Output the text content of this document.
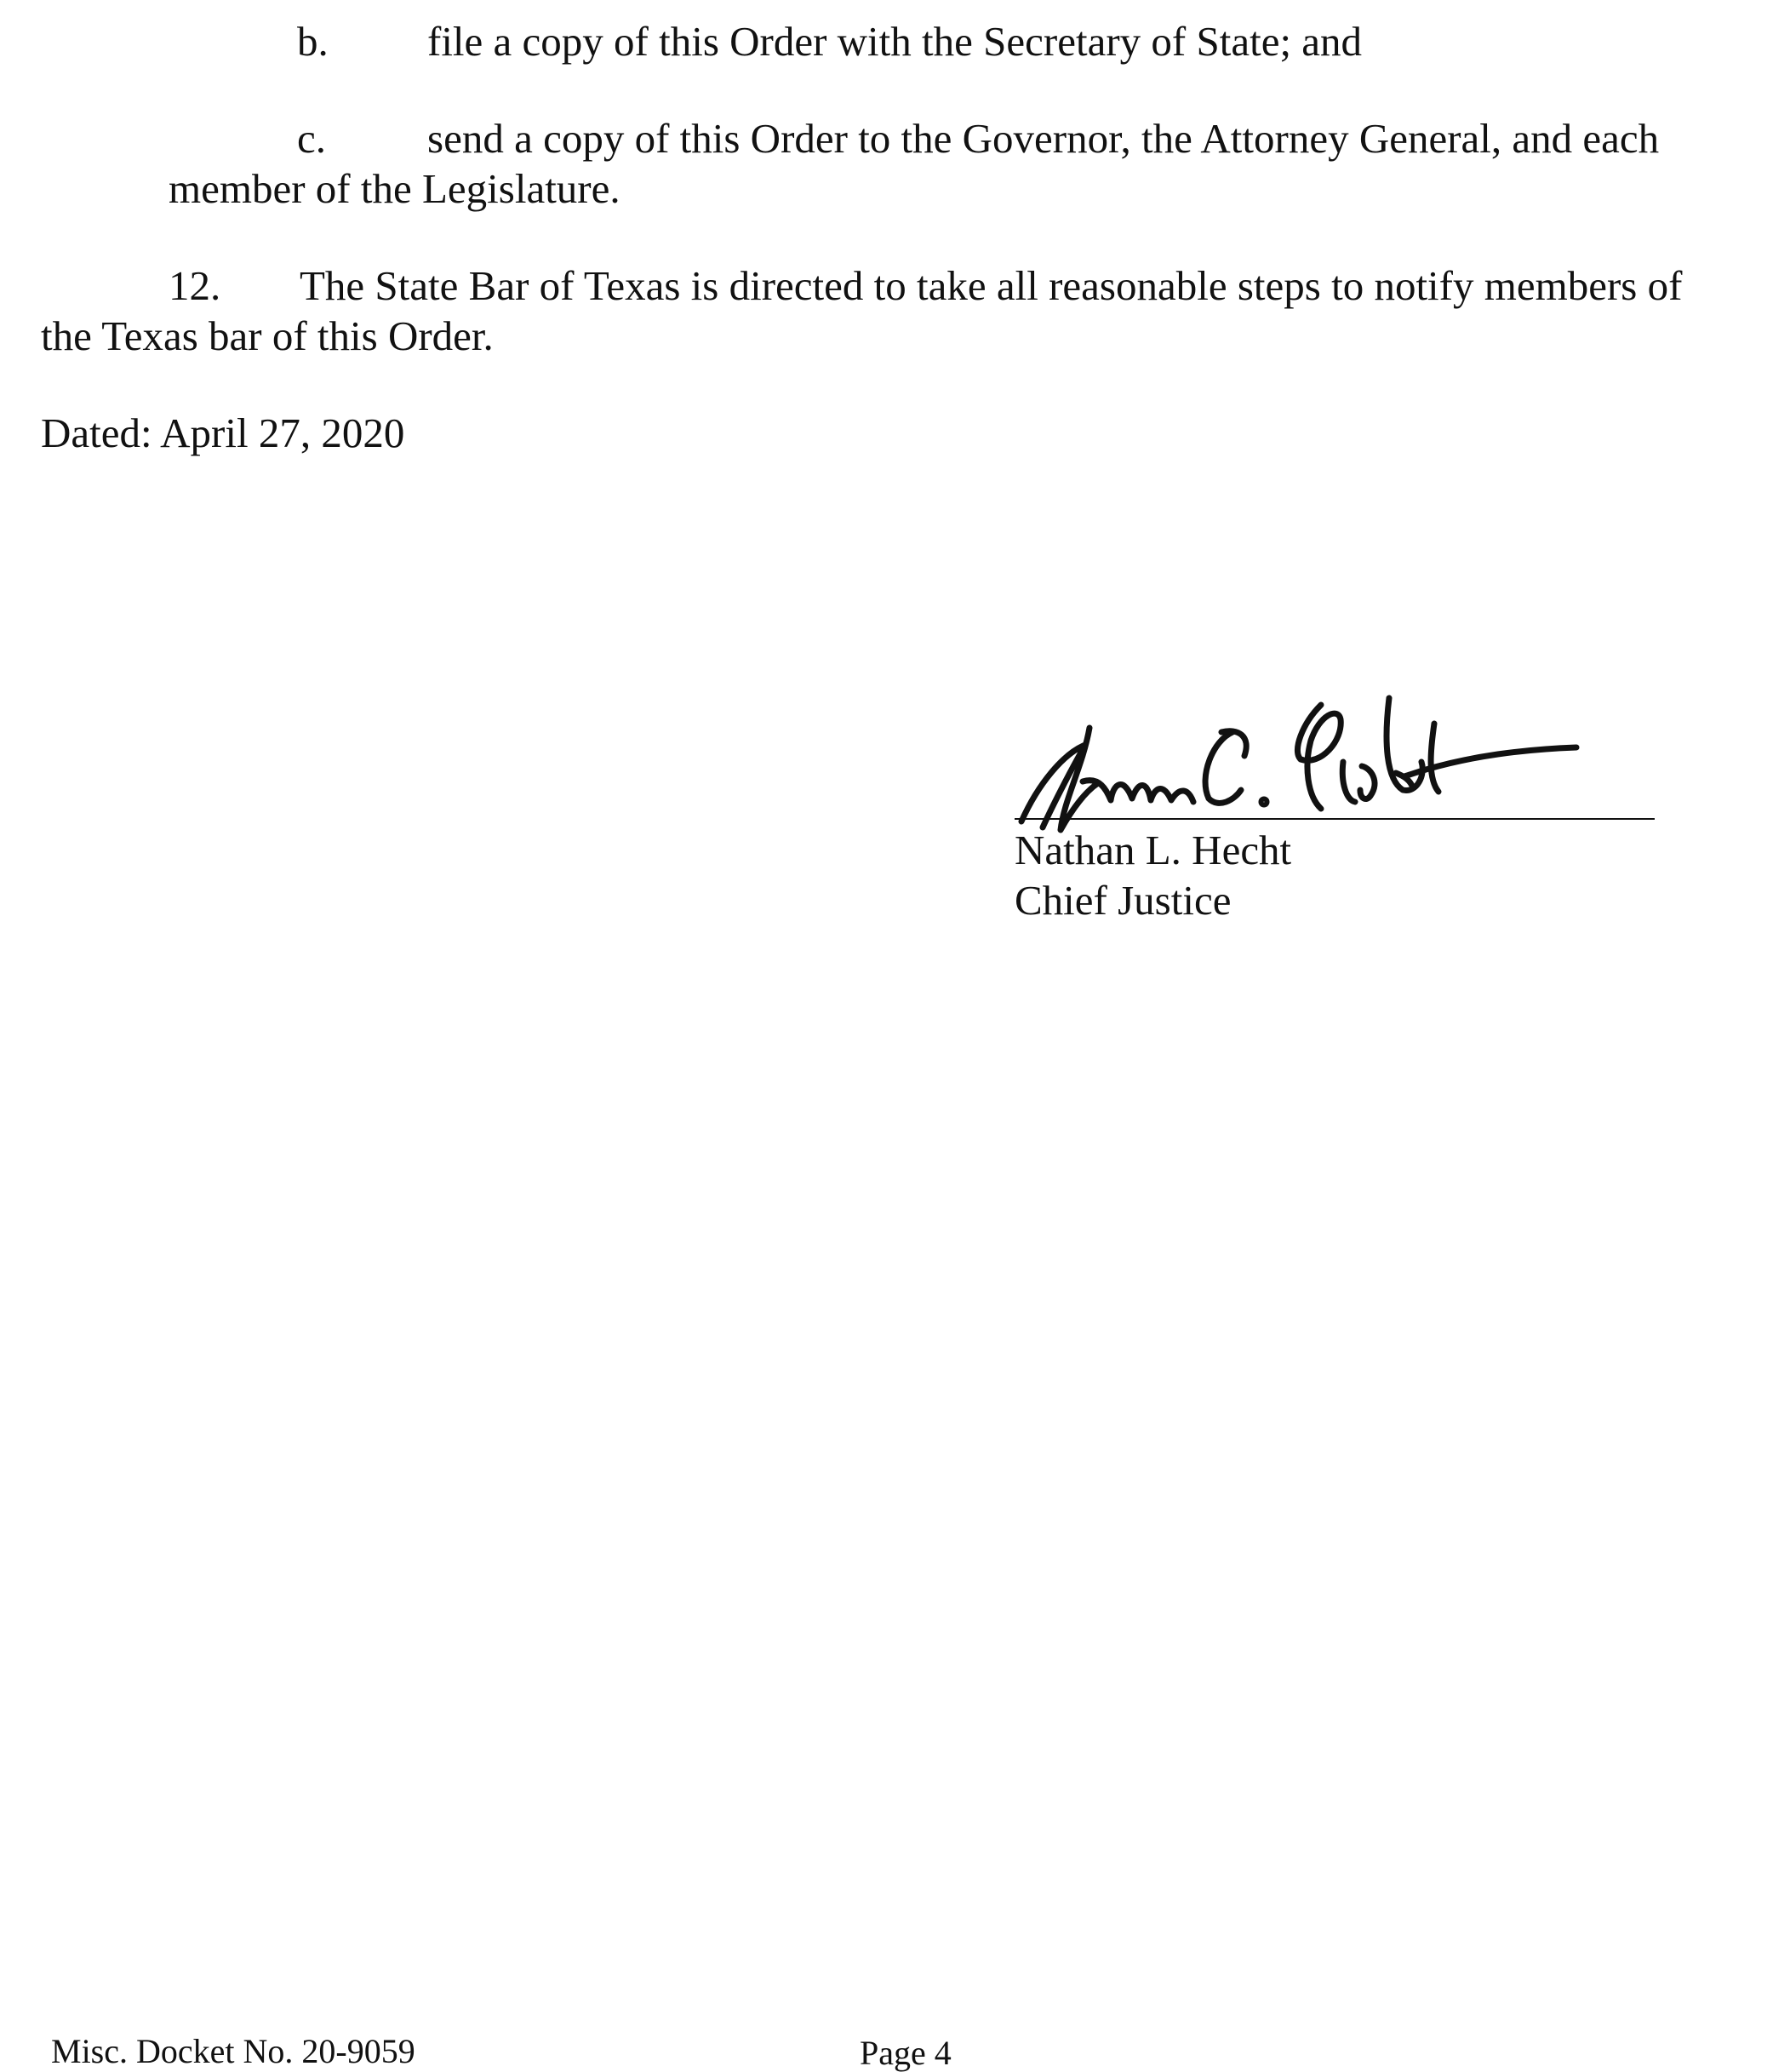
b. file a copy of this Order with the Secretary of State; and
c. send a copy of this Order to the Governor, the Attorney General, and each
member of the Legislature.
12. The State Bar of Texas is directed to take all reasonable steps to notify members of
the Texas bar of this Order.
Dated: April 27, 2020
Nathan L. Hecht
Chief Justice
Misc. Docket No. 20-9059	Page 4
